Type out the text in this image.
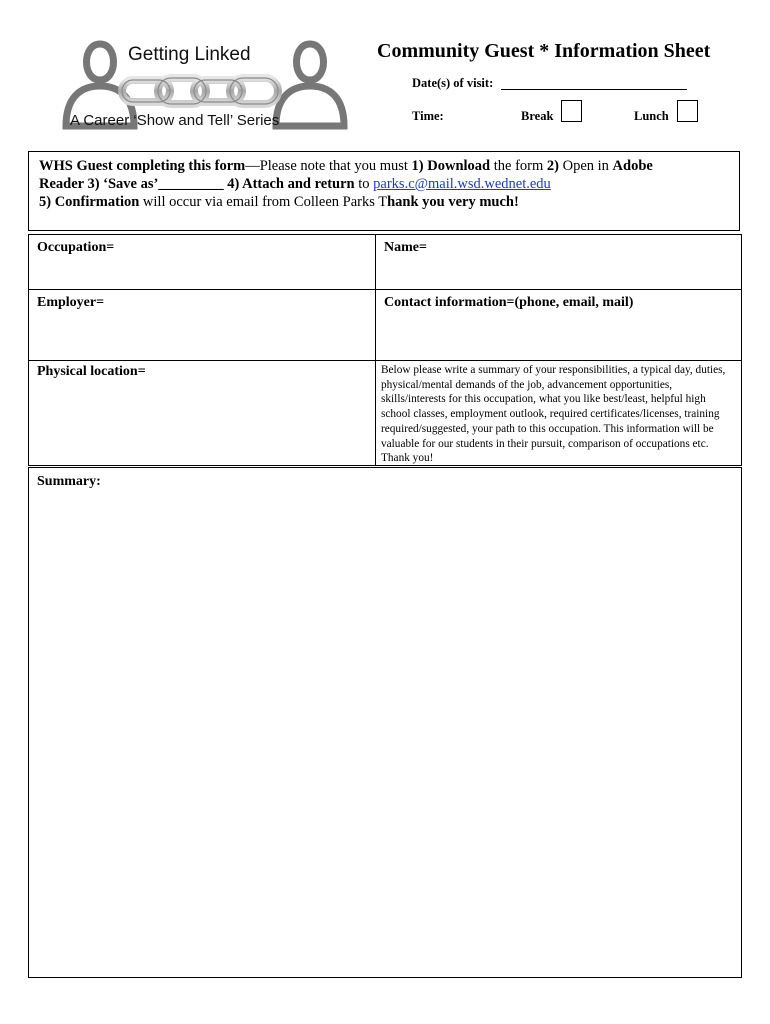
Getting Linked
A Career ‘Show and Tell’ Series
Community Guest * Information Sheet
Date(s) of visit:
Time:	Break	Lunch
WHS Guest completing this form—Please note that you must 1) Download the form 2) Open in Adobe
Reader 3) ‘Save as’_________ 4) Attach and return to parks.c@mail.wsd.wednet.edu
5) Confirmation will occur via email from Colleen Parks Thank you very much!
Occupation=	Name=
Employer=	Contact information=(phone, email, mail)
Physical location=	Below please write a summary of your responsibilities, a typical day, duties, physical/mental demands of the job, advancement opportunities, skills/interests for this occupation, what you like best/least, helpful high school classes, employment outlook, required certificates/licenses, training required/suggested, your path to this occupation. This information will be valuable for our students in their pursuit, comparison of occupations etc. Thank you!
Summary:
